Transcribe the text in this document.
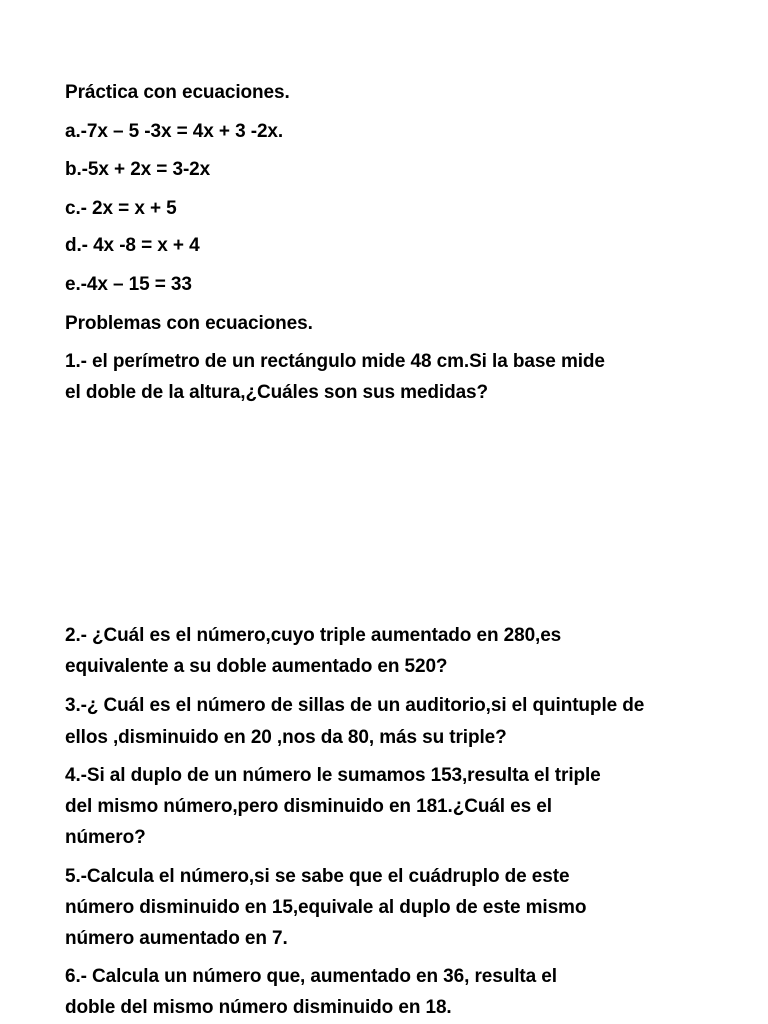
Práctica con ecuaciones.
a.-7x – 5 -3x = 4x + 3 -2x.
b.-5x + 2x = 3-2x
c.- 2x = x + 5
d.- 4x -8 = x + 4
e.-4x – 15 = 33
Problemas con ecuaciones.
1.- el perímetro de un rectángulo mide 48 cm.Si la base mide
el doble de la altura,¿Cuáles son sus medidas?
2.- ¿Cuál es el número,cuyo triple aumentado en 280,es
equivalente a su doble aumentado en 520?
3.-¿ Cuál es el número de sillas de un auditorio,si el quintuple de
ellos ,disminuido en 20 ,nos da 80, más su triple?
4.-Si al duplo de un número le sumamos 153,resulta el triple
del mismo número,pero disminuido en 181.¿Cuál es el
número?
5.-Calcula el número,si se sabe que el cuádruplo de este
número disminuido en 15,equivale al duplo de este mismo
número aumentado en 7.
6.- Calcula un número que, aumentado en 36, resulta el
doble del mismo número disminuido en 18.
